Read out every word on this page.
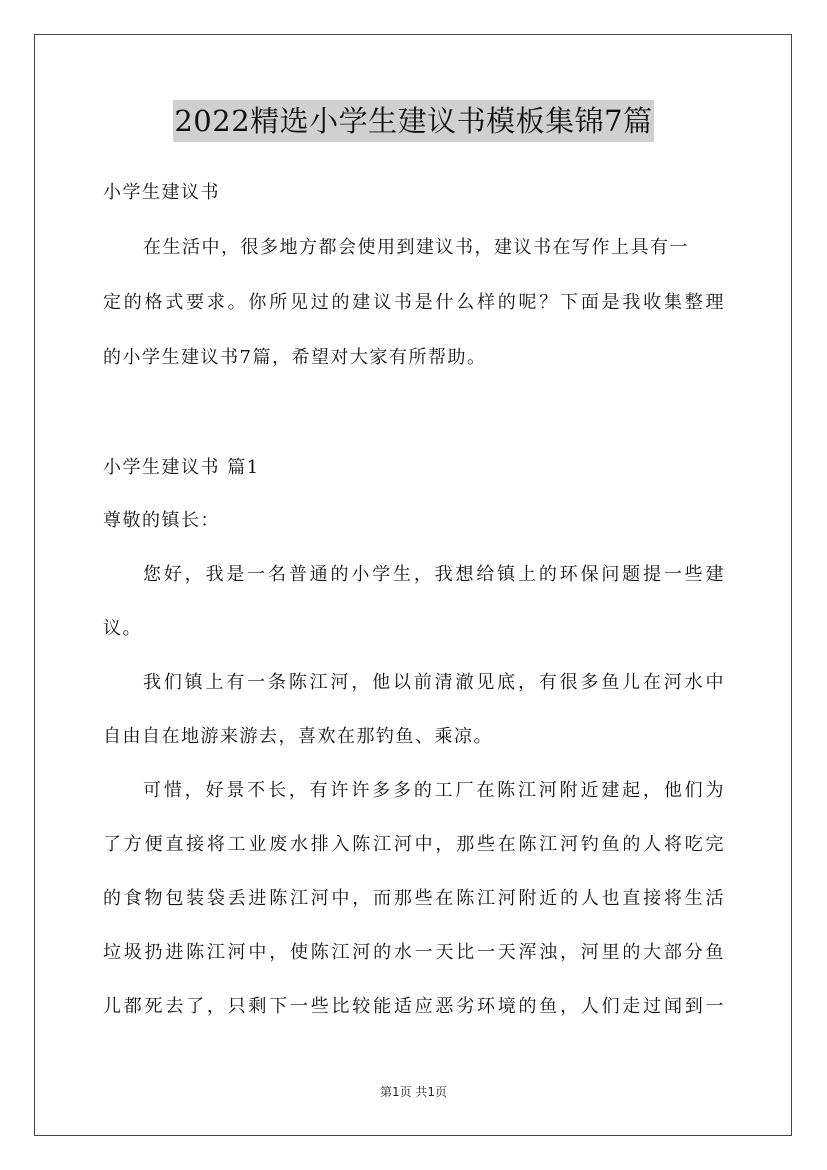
2022精选小学生建议书模板集锦7篇

小学生建议书

在生活中，很多地方都会使用到建议书，建议书在写作上具有一

定的格式要求。你所见过的建议书是什么样的呢？下面是我收集整理

的小学生建议书7篇，希望对大家有所帮助。

小学生建议书 篇1

尊敬的镇长：

您好，我是一名普通的小学生，我想给镇上的环保问题提一些建

议。

我们镇上有一条陈江河，他以前清澈见底，有很多鱼儿在河水中

自由自在地游来游去，喜欢在那钓鱼、乘凉。

可惜，好景不长，有许许多多的工厂在陈江河附近建起，他们为

了方便直接将工业废水排入陈江河中，那些在陈江河钓鱼的人将吃完

的食物包装袋丢进陈江河中，而那些在陈江河附近的人也直接将生活

垃圾扔进陈江河中，使陈江河的水一天比一天浑浊，河里的大部分鱼

儿都死去了，只剩下一些比较能适应恶劣环境的鱼，人们走过闻到一

第1页 共1页
